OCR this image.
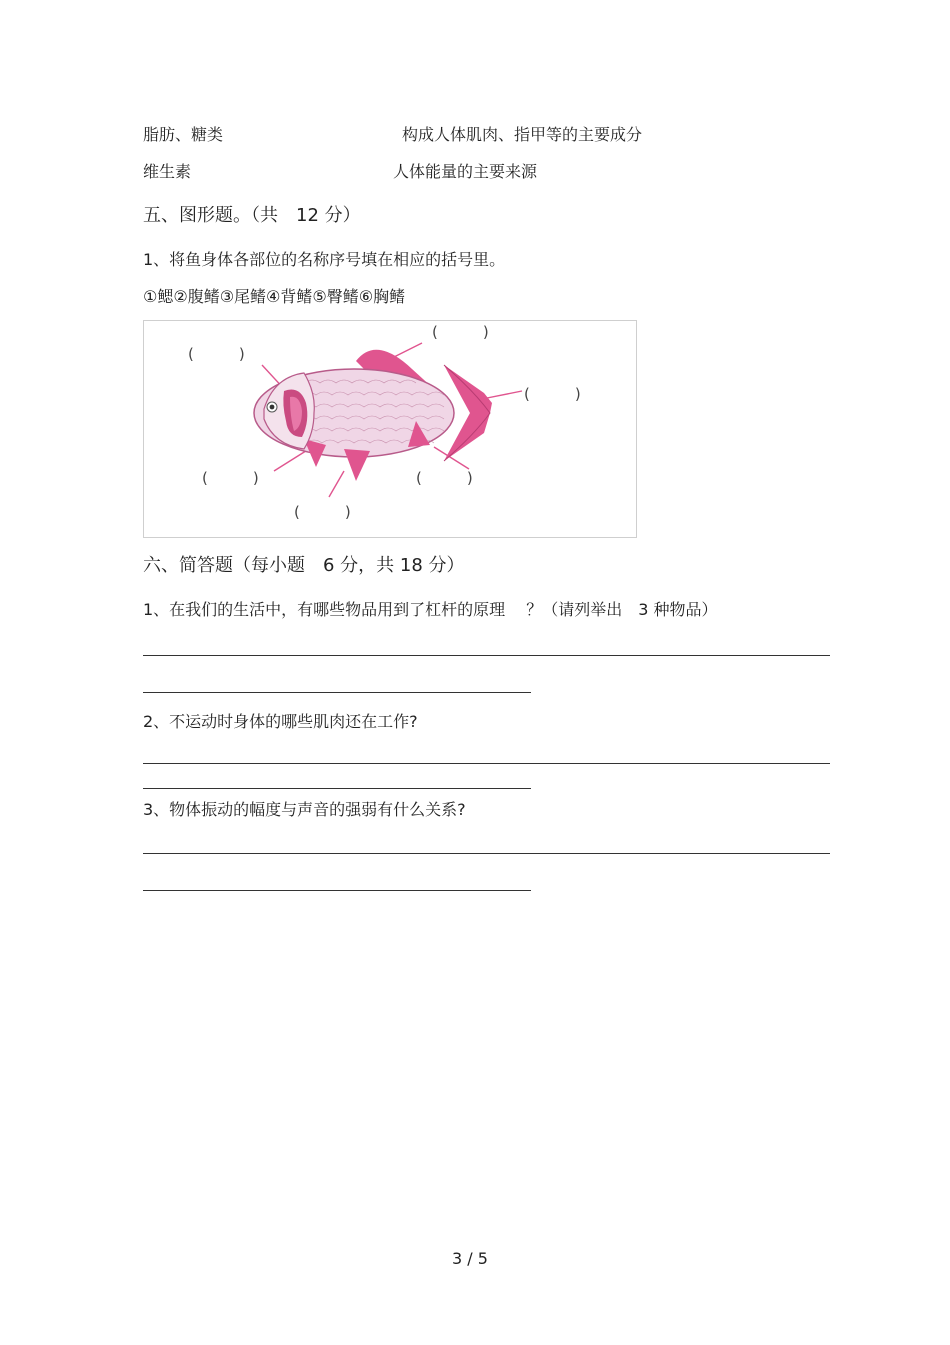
脂肪、糖类	构成人体肌肉、指甲等的主要成分
维生素	人体能量的主要来源
五、图形题。（共　12 分）
1、将鱼身体各部位的名称序号填在相应的括号里。
①鳃②腹鳍③尾鳍④背鳍⑤臀鳍⑥胸鳍
(　　　)
(　　　)
(　　　)
(　　　)	(　　　)
(　　　)
六、简答题（每小题　6 分，共 18 分）
1、在我们的生活中，有哪些物品用到了杠杆的原理　 ？（请列举出　3 种物品）
2、不运动时身体的哪些肌肉还在工作?
3、物体振动的幅度与声音的强弱有什么关系?
3 / 5
